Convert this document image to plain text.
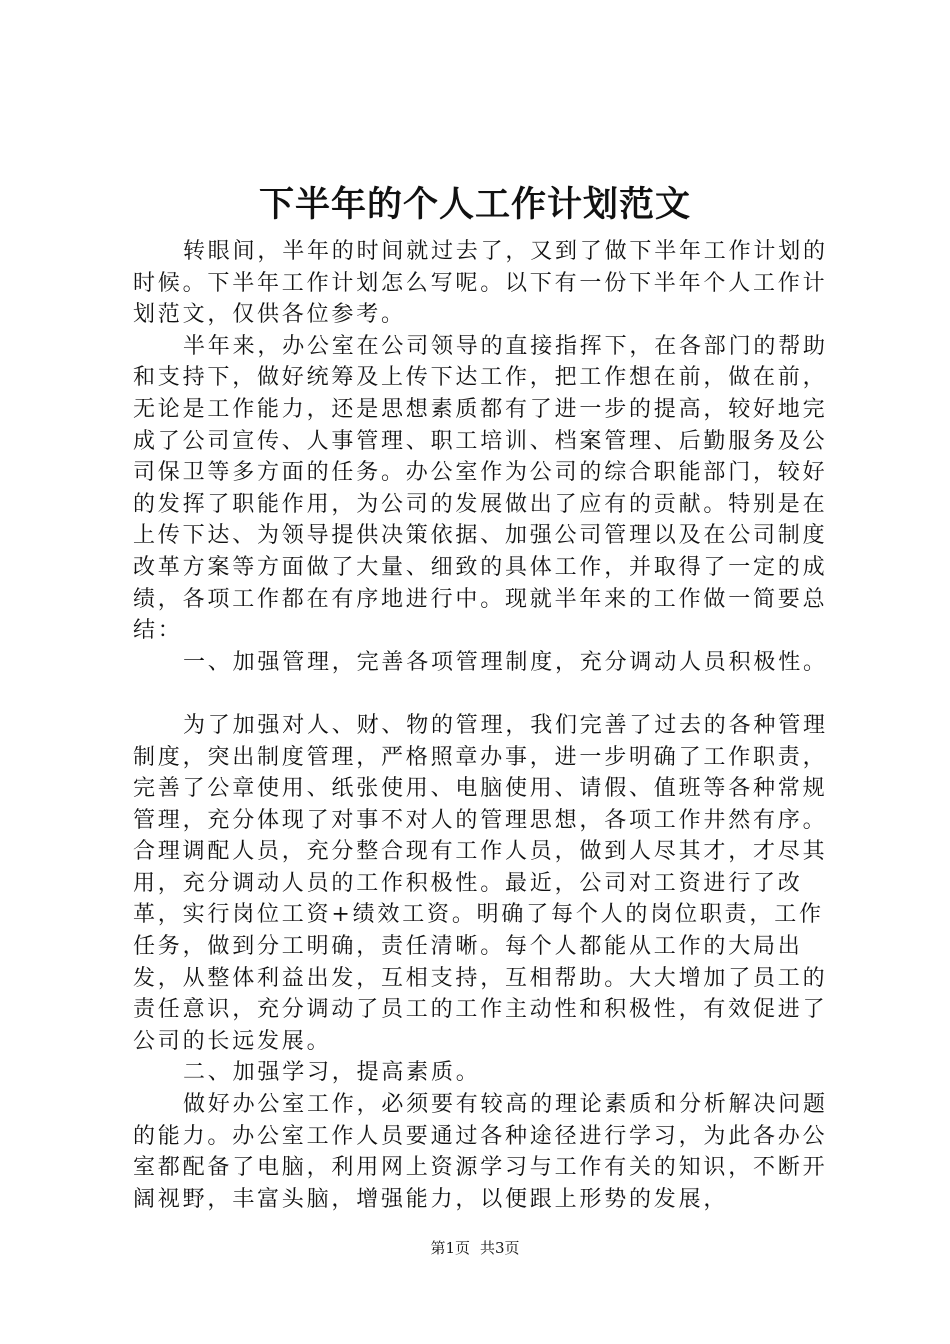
下半年的个人工作计划范文

转眼间，半年的时间就过去了，又到了做下半年工作计划的时候。下半年工作计划怎么写呢。以下有一份下半年个人工作计划范文，仅供各位参考。

半年来，办公室在公司领导的直接指挥下，在各部门的帮助和支持下，做好统筹及上传下达工作，把工作想在前，做在前，无论是工作能力，还是思想素质都有了进一步的提高，较好地完成了公司宣传、人事管理、职工培训、档案管理、后勤服务及公司保卫等多方面的任务。办公室作为公司的综合职能部门，较好的发挥了职能作用，为公司的发展做出了应有的贡献。特别是在上传下达、为领导提供决策依据、加强公司管理以及在公司制度改革方案等方面做了大量、细致的具体工作，并取得了一定的成绩，各项工作都在有序地进行中。现就半年来的工作做一简要总结：

一、加强管理，完善各项管理制度，充分调动人员积极性。

为了加强对人、财、物的管理，我们完善了过去的各种管理制度，突出制度管理，严格照章办事，进一步明确了工作职责，完善了公章使用、纸张使用、电脑使用、请假、值班等各种常规管理，充分体现了对事不对人的管理思想，各项工作井然有序。合理调配人员，充分整合现有工作人员，做到人尽其才，才尽其用，充分调动人员的工作积极性。最近，公司对工资进行了改革，实行岗位工资+绩效工资。明确了每个人的岗位职责，工作任务，做到分工明确，责任清晰。每个人都能从工作的大局出发，从整体利益出发，互相支持，互相帮助。大大增加了员工的责任意识，充分调动了员工的工作主动性和积极性，有效促进了公司的长远发展。

二、加强学习，提高素质。

做好办公室工作，必须要有较高的理论素质和分析解决问题的能力。办公室工作人员要通过各种途径进行学习，为此各办公室都配备了电脑，利用网上资源学习与工作有关的知识，不断开阔视野，丰富头脑，增强能力，以便跟上形势的发展，

第1页 共3页
